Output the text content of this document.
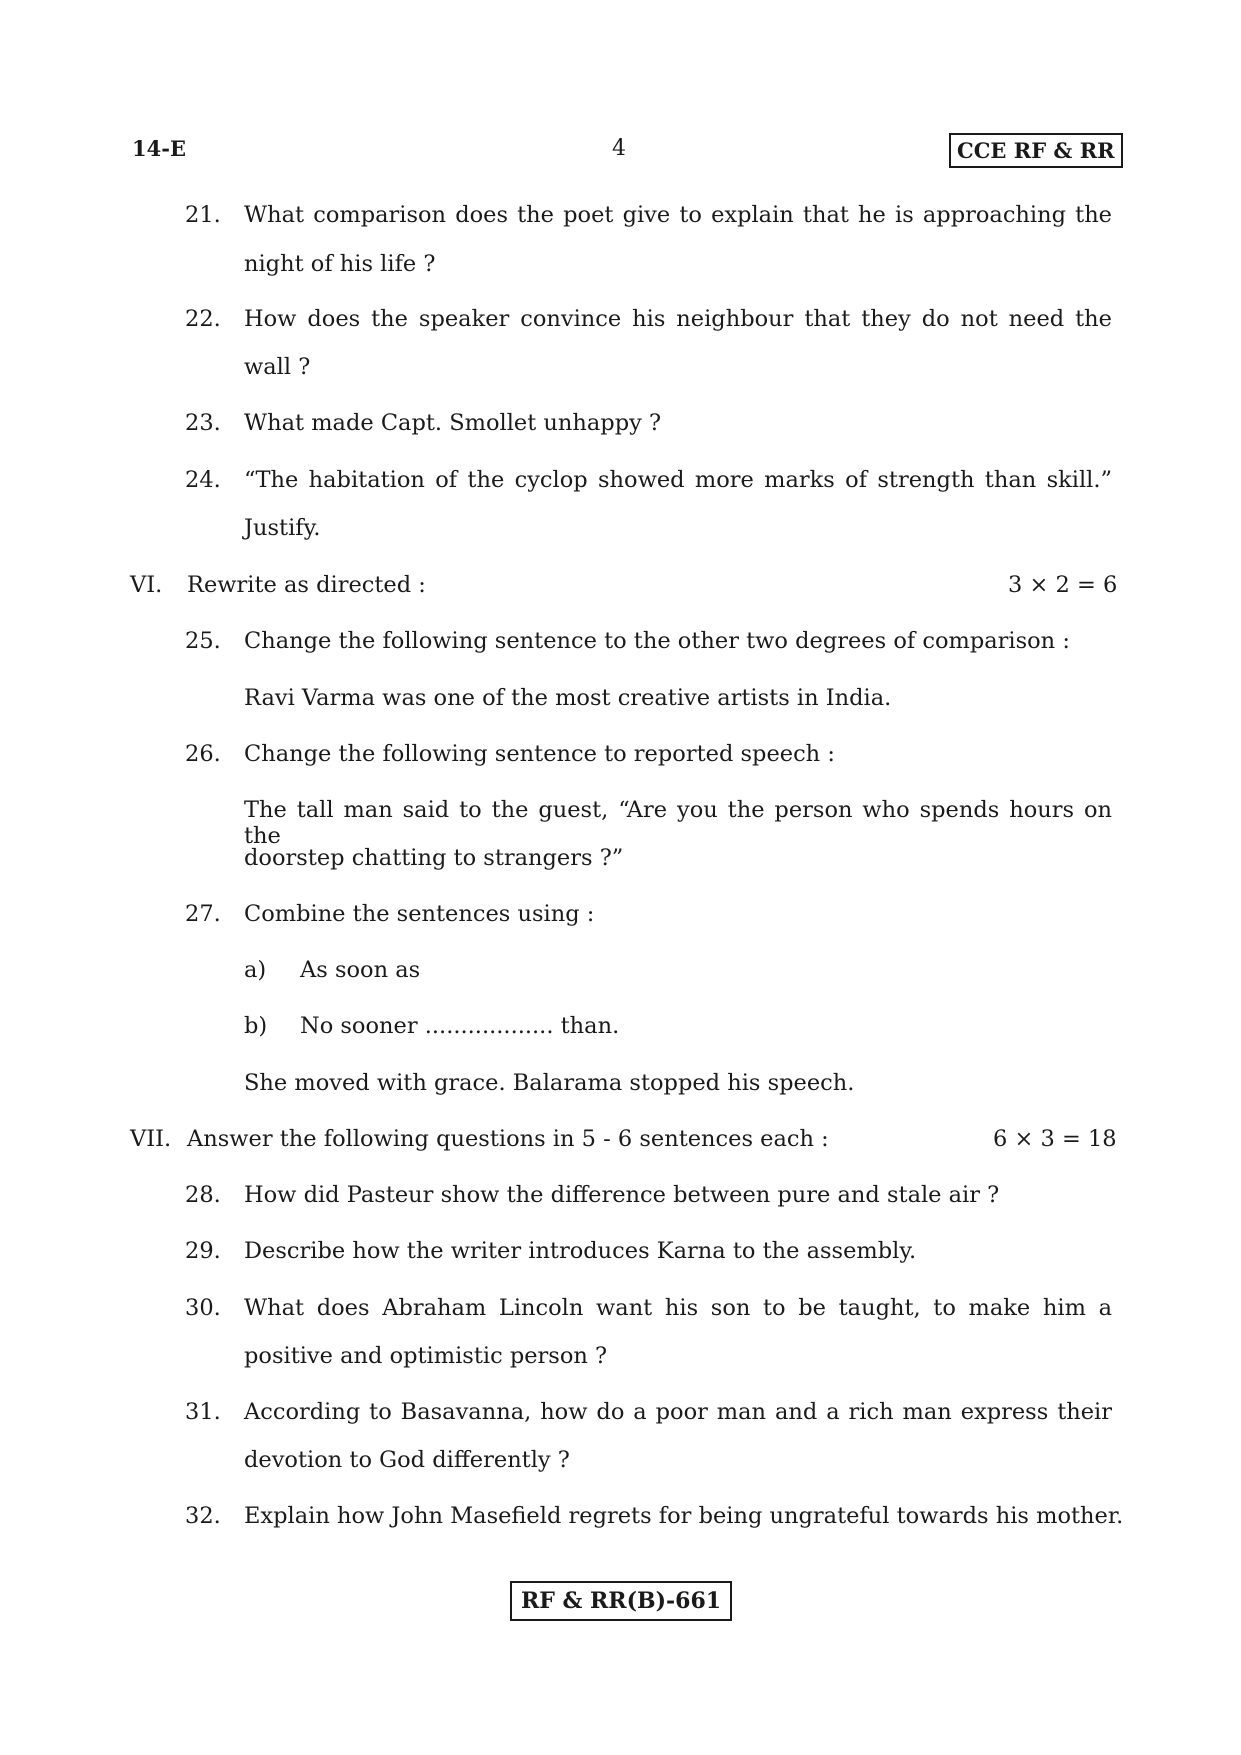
14-E	4	CCE RF & RR
21. What comparison does the poet give to explain that he is approaching the
night of his life ?
22. How does the speaker convince his neighbour that they do not need the
wall ?
23. What made Capt. Smollet unhappy ?
24. “The habitation of the cyclop showed more marks of strength than skill.”
Justify.
VI. Rewrite as directed :	3 × 2 = 6
25. Change the following sentence to the other two degrees of comparison :
Ravi Varma was one of the most creative artists in India.
26. Change the following sentence to reported speech :
The tall man said to the guest, “Are you the person who spends hours on the
doorstep chatting to strangers ?”
27. Combine the sentences using :
a) As soon as
b) No sooner .................. than.
She moved with grace. Balarama stopped his speech.
VII. Answer the following questions in 5 - 6 sentences each :	6 × 3 = 18
28. How did Pasteur show the difference between pure and stale air ?
29. Describe how the writer introduces Karna to the assembly.
30. What does Abraham Lincoln want his son to be taught, to make him a
positive and optimistic person ?
31. According to Basavanna, how do a poor man and a rich man express their
devotion to God differently ?
32. Explain how John Masefield regrets for being ungrateful towards his mother.
RF & RR(B)-661
